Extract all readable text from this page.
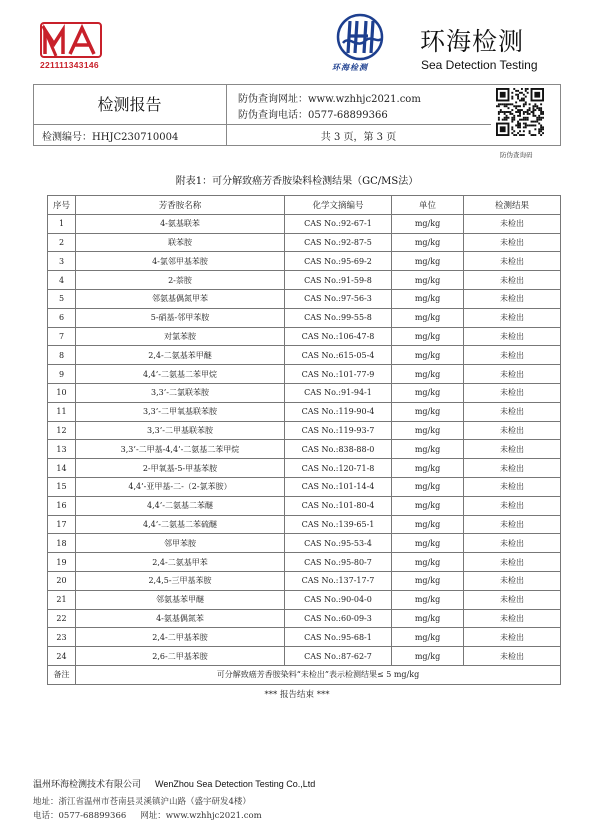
221111343146	环海检测
环海检测
Sea Detection Testing
检测报告
检测编号：HHJC230710004
防伪查询网址：www.wzhhjc2021.com
防伪查询电话：0577-68899366
共 3 页，第 3 页
防伪查询码
附表1：可分解致癌芳香胺染料检测结果（GC/MS法）
序号	芳香胺名称	化学文摘编号	单位	检测结果
1	4-氨基联苯	CAS No.:92-67-1	mg/kg	未检出
2	联苯胺	CAS No.:92-87-5	mg/kg	未检出
3	4-氯邻甲基苯胺	CAS No.:95-69-2	mg/kg	未检出
4	2-萘胺	CAS No.:91-59-8	mg/kg	未检出
5	邻氨基偶氮甲苯	CAS No.:97-56-3	mg/kg	未检出
6	5-硝基-邻甲苯胺	CAS No.:99-55-8	mg/kg	未检出
7	对氯苯胺	CAS No.:106-47-8	mg/kg	未检出
8	2,4-二氨基苯甲醚	CAS No.:615-05-4	mg/kg	未检出
9	4,4’-二氨基二苯甲烷	CAS No.:101-77-9	mg/kg	未检出
10	3,3’-二氯联苯胺	CAS No.:91-94-1	mg/kg	未检出
11	3,3’-二甲氧基联苯胺	CAS No.:119-90-4	mg/kg	未检出
12	3,3’-二甲基联苯胺	CAS No.:119-93-7	mg/kg	未检出
13	3,3’-二甲基-4,4’-二氨基二苯甲烷	CAS No.:838-88-0	mg/kg	未检出
14	2-甲氧基-5-甲基苯胺	CAS No.:120-71-8	mg/kg	未检出
15	4,4’-亚甲基-二-（2-氯苯胺）	CAS No.:101-14-4	mg/kg	未检出
16	4,4’-二氨基二苯醚	CAS No.:101-80-4	mg/kg	未检出
17	4,4’-二氨基二苯硫醚	CAS No.:139-65-1	mg/kg	未检出
18	邻甲苯胺	CAS No.:95-53-4	mg/kg	未检出
19	2,4-二氨基甲苯	CAS No.:95-80-7	mg/kg	未检出
20	2,4,5-三甲基苯胺	CAS No.:137-17-7	mg/kg	未检出
21	邻氨基苯甲醚	CAS No.:90-04-0	mg/kg	未检出
22	4-氨基偶氮苯	CAS No.:60-09-3	mg/kg	未检出
23	2,4-二甲基苯胺	CAS No.:95-68-1	mg/kg	未检出
24	2,6-二甲基苯胺	CAS No.:87-62-7	mg/kg	未检出
备注	可分解致癌芳香胺染料“未检出”表示检测结果≤ 5 mg/kg			
*** 报告结束 ***
温州环海检测技术有限公司 WenZhou Sea Detection Testing Co.,Ltd
地址：浙江省温州市苍南县灵溪镇沪山路（盛宇研发4楼）
电话：0577-68899366 网址：www.wzhhjc2021.com
